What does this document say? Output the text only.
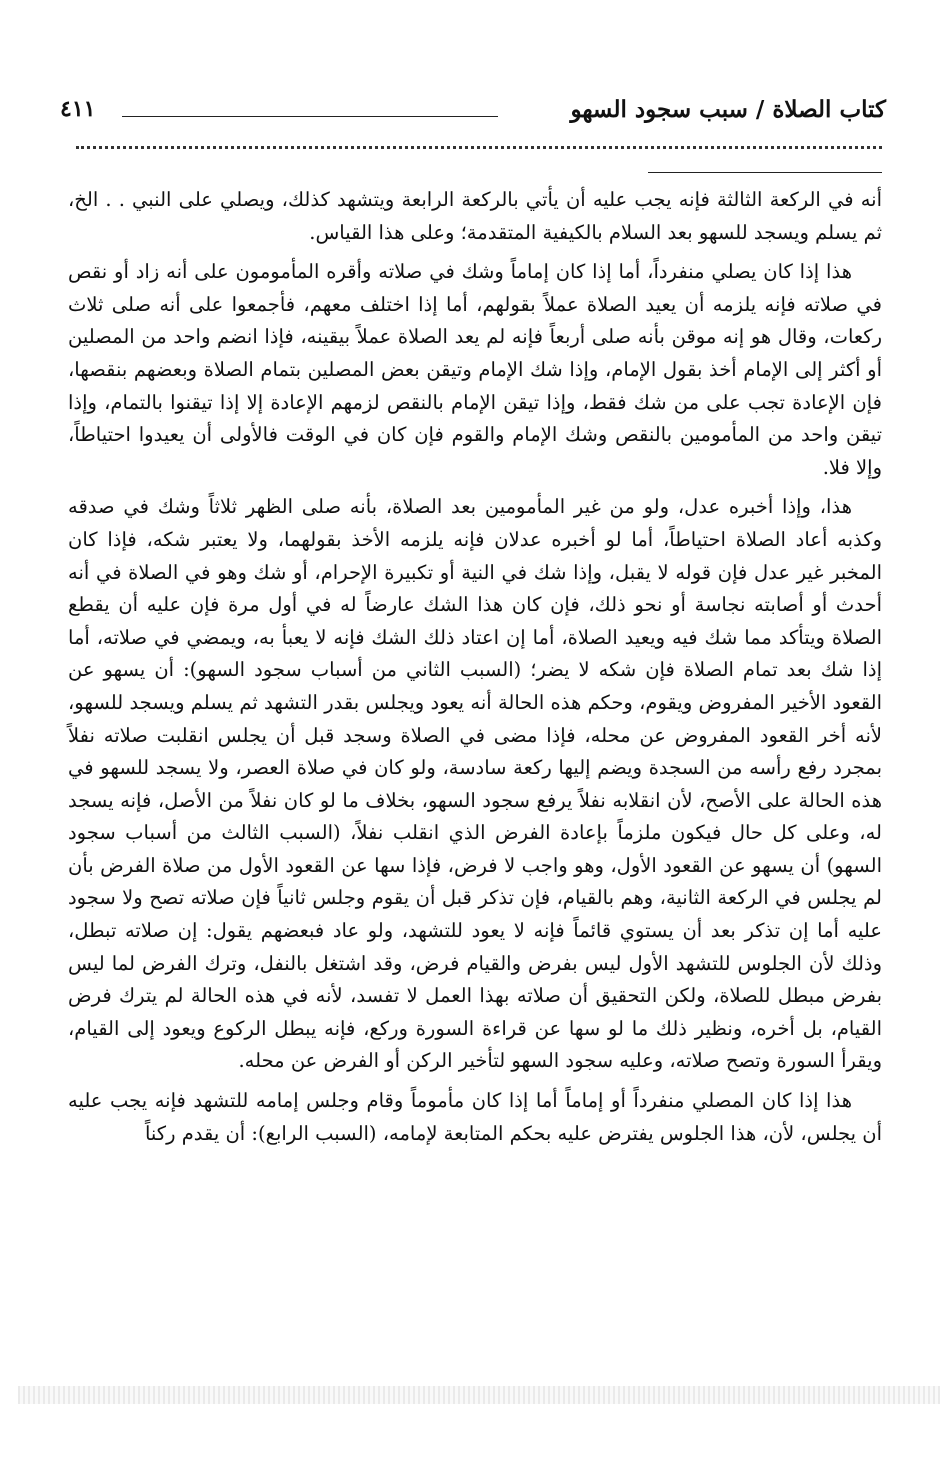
كتاب الصلاة / سبب سجود السهو
٤١١

أنه في الركعة الثالثة فإنه يجب عليه أن يأتي بالركعة الرابعة ويتشهد كذلك، ويصلي على النبي . . الخ، ثم يسلم ويسجد للسهو بعد السلام بالكيفية المتقدمة؛ وعلى هذا القياس.

هذا إذا كان يصلي منفرداً، أما إذا كان إماماً وشك في صلاته وأقره المأمومون على أنه زاد أو نقص في صلاته فإنه يلزمه أن يعيد الصلاة عملاً بقولهم، أما إذا اختلف معهم، فأجمعوا على أنه صلى ثلاث ركعات، وقال هو إنه موقن بأنه صلى أربعاً فإنه لم يعد الصلاة عملاً بيقينه، فإذا انضم واحد من المصلين أو أكثر إلى الإمام أخذ بقول الإمام، وإذا شك الإمام وتيقن بعض المصلين بتمام الصلاة وبعضهم بنقصها، فإن الإعادة تجب على من شك فقط، وإذا تيقن الإمام بالنقص لزمهم الإعادة إلا إذا تيقنوا بالتمام، وإذا تيقن واحد من المأمومين بالنقص وشك الإمام والقوم فإن كان في الوقت فالأولى أن يعيدوا احتياطاً، وإلا فلا.

هذا، وإذا أخبره عدل، ولو من غير المأمومين بعد الصلاة، بأنه صلى الظهر ثلاثاً وشك في صدقه وكذبه أعاد الصلاة احتياطاً، أما لو أخبره عدلان فإنه يلزمه الأخذ بقولهما، ولا يعتبر شكه، فإذا كان المخبر غير عدل فإن قوله لا يقبل، وإذا شك في النية أو تكبيرة الإحرام، أو شك وهو في الصلاة في أنه أحدث أو أصابته نجاسة أو نحو ذلك، فإن كان هذا الشك عارضاً له في أول مرة فإن عليه أن يقطع الصلاة ويتأكد مما شك فيه ويعيد الصلاة، أما إن اعتاد ذلك الشك فإنه لا يعبأ به، ويمضي في صلاته، أما إذا شك بعد تمام الصلاة فإن شكه لا يضر؛ (السبب الثاني من أسباب سجود السهو): أن يسهو عن القعود الأخير المفروض ويقوم، وحكم هذه الحالة أنه يعود ويجلس بقدر التشهد ثم يسلم ويسجد للسهو، لأنه أخر القعود المفروض عن محله، فإذا مضى في الصلاة وسجد قبل أن يجلس انقلبت صلاته نفلاً بمجرد رفع رأسه من السجدة ويضم إليها ركعة سادسة، ولو كان في صلاة العصر، ولا يسجد للسهو في هذه الحالة على الأصح، لأن انقلابه نفلاً يرفع سجود السهو، بخلاف ما لو كان نفلاً من الأصل، فإنه يسجد له، وعلى كل حال فيكون ملزماً بإعادة الفرض الذي انقلب نفلاً، (السبب الثالث من أسباب سجود السهو) أن يسهو عن القعود الأول، وهو واجب لا فرض، فإذا سها عن القعود الأول من صلاة الفرض بأن لم يجلس في الركعة الثانية، وهم بالقيام، فإن تذكر قبل أن يقوم وجلس ثانياً فإن صلاته تصح ولا سجود عليه أما إن تذكر بعد أن يستوي قائماً فإنه لا يعود للتشهد، ولو عاد فبعضهم يقول: إن صلاته تبطل، وذلك لأن الجلوس للتشهد الأول ليس بفرض والقيام فرض، وقد اشتغل بالنفل، وترك الفرض لما ليس بفرض مبطل للصلاة، ولكن التحقيق أن صلاته بهذا العمل لا تفسد، لأنه في هذه الحالة لم يترك فرض القيام، بل أخره، ونظير ذلك ما لو سها عن قراءة السورة وركع، فإنه يبطل الركوع ويعود إلى القيام، ويقرأ السورة وتصح صلاته، وعليه سجود السهو لتأخير الركن أو الفرض عن محله.

هذا إذا كان المصلي منفرداً أو إماماً أما إذا كان مأموماً وقام وجلس إمامه للتشهد فإنه يجب عليه أن يجلس، لأن، هذا الجلوس يفترض عليه بحكم المتابعة لإمامه، (السبب الرابع): أن يقدم ركناً
